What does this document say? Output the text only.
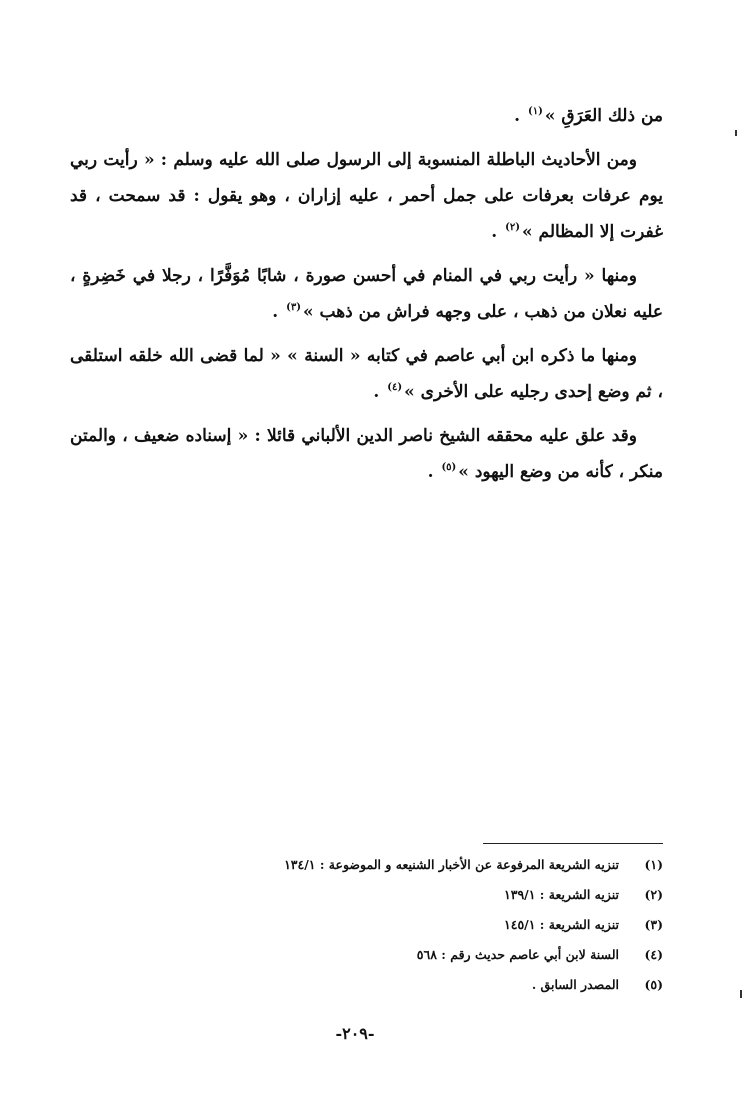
من ذلك العَرَقِ »$^{(١)}$ .

ومن الأحاديث الباطلة المنسوبة إلى الرسول صلى الله عليه وسلم : « رأيت ربي يوم عرفات بعرفات على جمل أحمر ، عليه إزاران ، وهو يقول : قد سمحت ، قد غفرت إلا المظالم »$^{(٢)}$ .

ومنها « رأيت ربي في المنام في أحسن صورة ، شابًا مُوَفَّرًا ، رجلا في خَضِرةٍ ، عليه نعلان من ذهب ، على وجهه فراش من ذهب »$^{(٣)}$ .

ومنها ما ذكره ابن أبي عاصم في كتابه « السنة » « لما قضى الله خلقه استلقى ، ثم وضع إحدى رجليه على الأخرى »$^{(٤)}$ .

وقد علق عليه محققه الشيخ ناصر الدين الألباني قائلا : « إسناده ضعيف ، والمتن منكر ، كأنه من وضع اليهود »$^{(٥)}$ .

(١)
تنزيه الشريعة المرفوعة عن الأخبار الشنيعه و الموضوعة : ١٣٤/١
(٢)
تنزيه الشريعة : ١٣٩/١
(٣)
تنزيه الشريعة : ١٤٥/١
(٤)
السنة لابن أبي عاصم حديث رقم : ٥٦٨
(٥)
المصدر السابق .
-٢٠٩-
